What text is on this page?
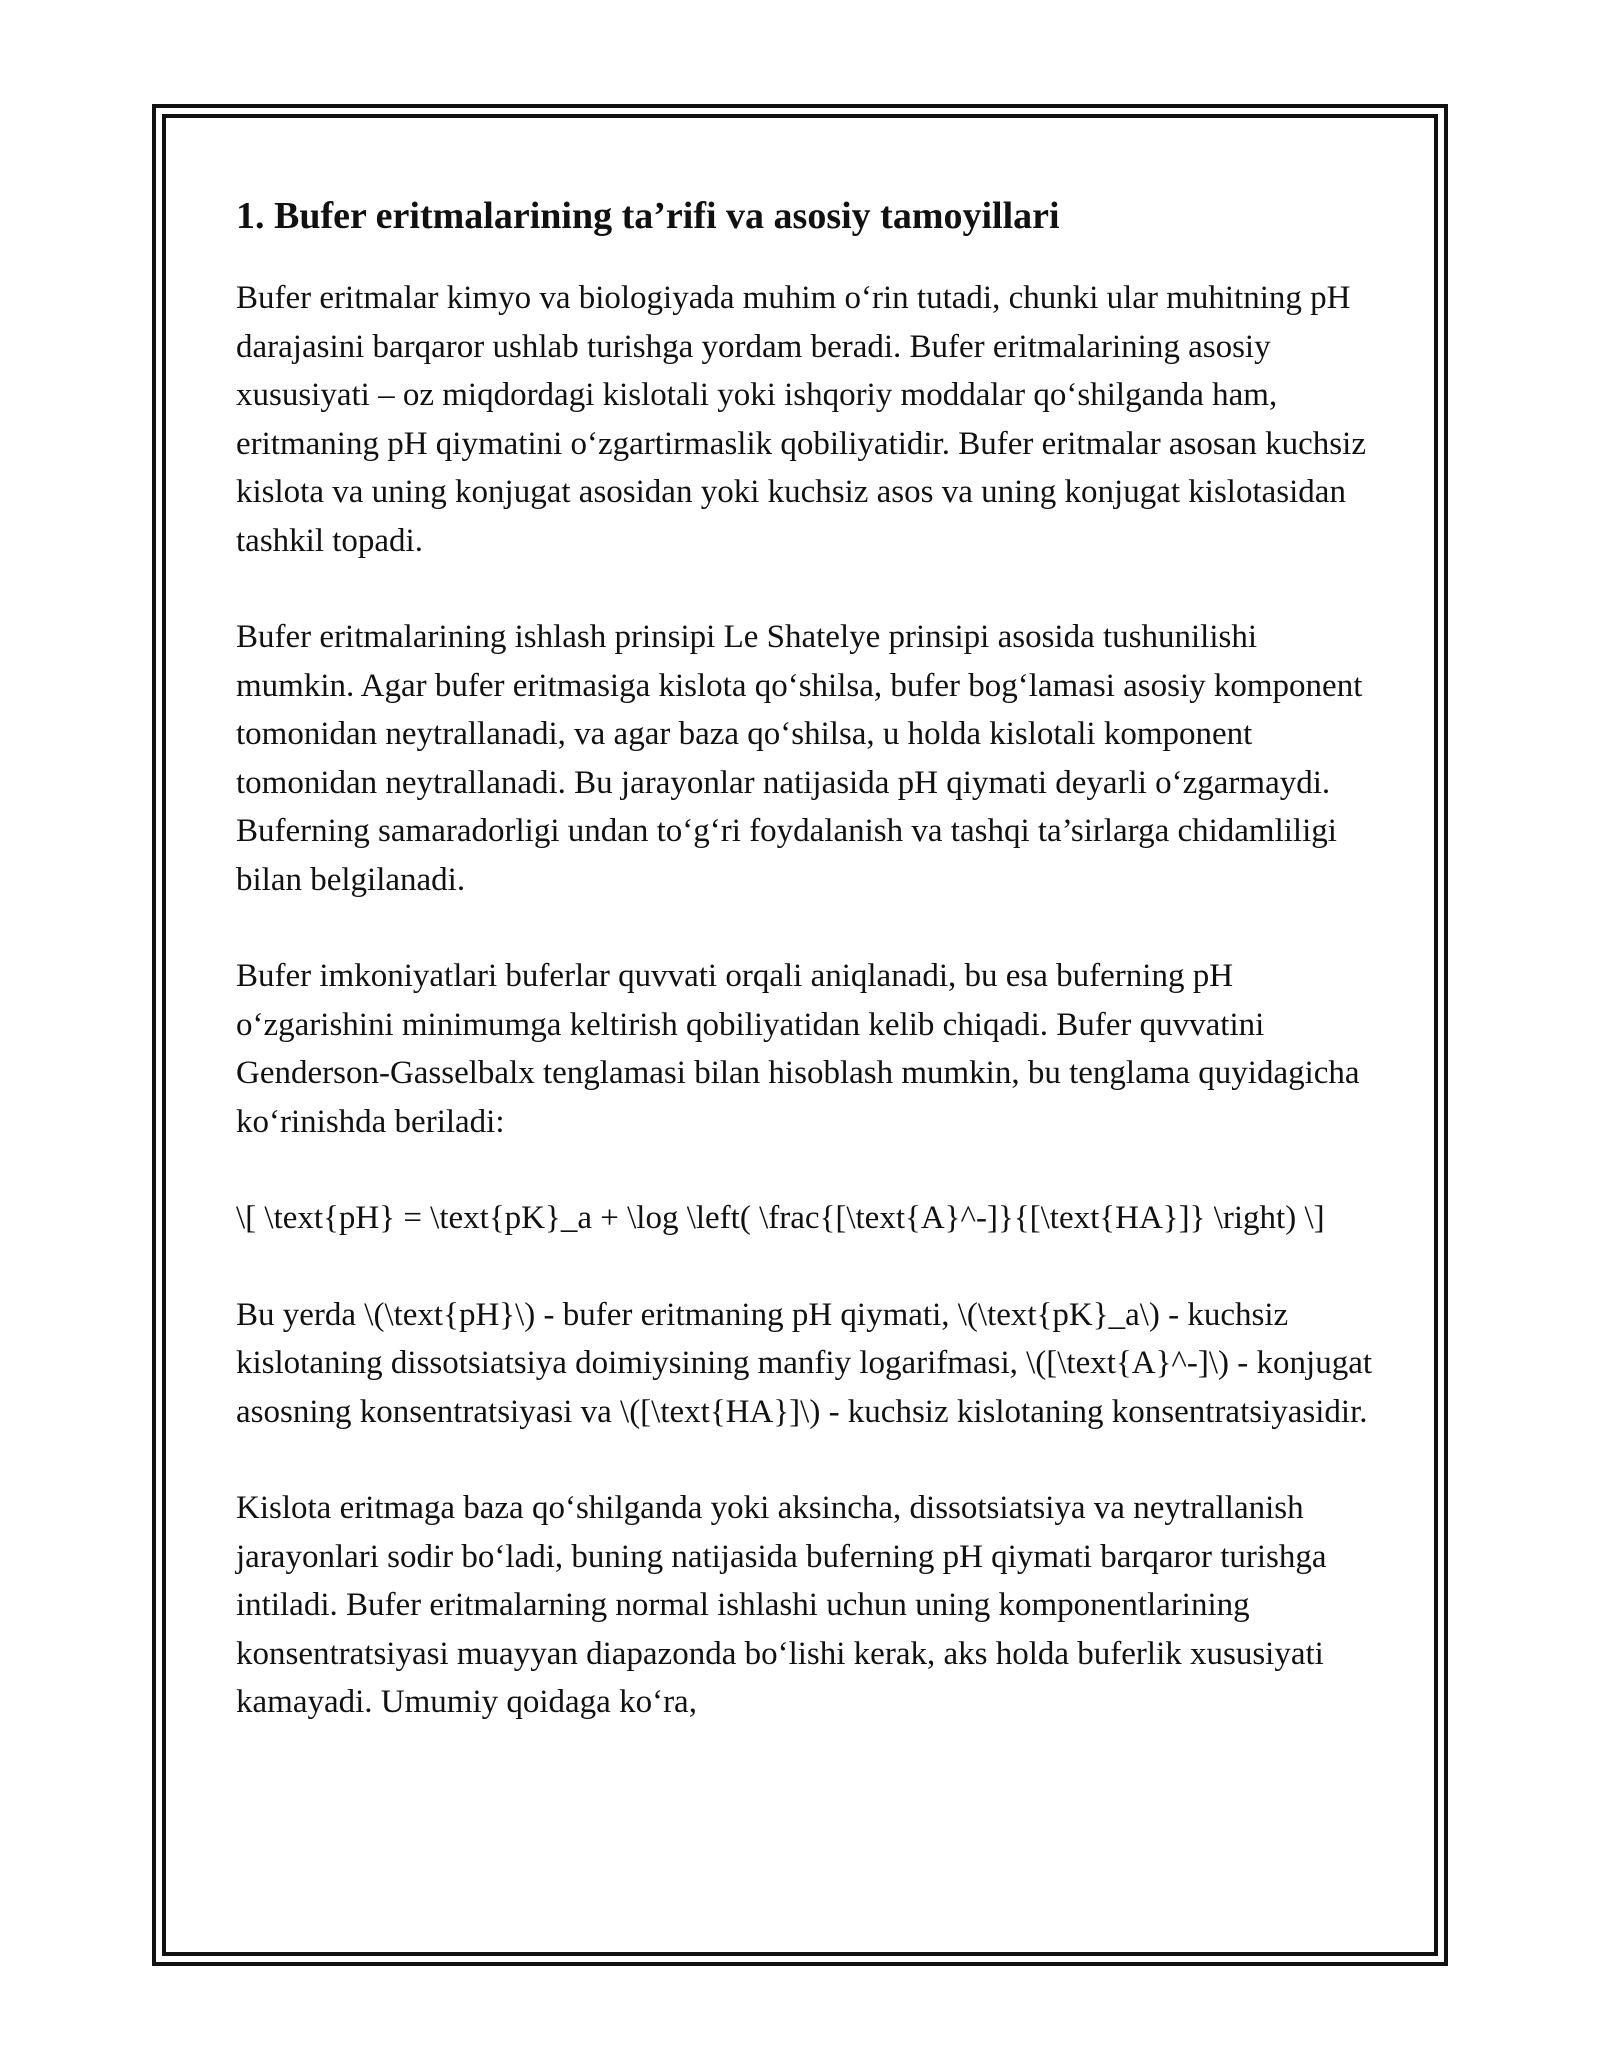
1. Bufer eritmalarining ta’rifi va asosiy tamoyillari

Bufer eritmalar kimyo va biologiyada muhim o‘rin tutadi, chunki ular muhitning pH darajasini barqaror ushlab turishga yordam beradi. Bufer eritmalarining asosiy xususiyati – oz miqdordagi kislotali yoki ishqoriy moddalar qo‘shilganda ham, eritmaning pH qiymatini o‘zgartirmaslik qobiliyatidir. Bufer eritmalar asosan kuchsiz kislota va uning konjugat asosidan yoki kuchsiz asos va uning konjugat kislotasidan tashkil topadi.

Bufer eritmalarining ishlash prinsipi Le Shatelye prinsipi asosida tushunilishi mumkin. Agar bufer eritmasiga kislota qo‘shilsa, bufer bog‘lamasi asosiy komponent tomonidan neytrallanadi, va agar baza qo‘shilsa, u holda kislotali komponent tomonidan neytrallanadi. Bu jarayonlar natijasida pH qiymati deyarli o‘zgarmaydi. Buferning samaradorligi undan to‘g‘ri foydalanish va tashqi ta’sirlarga chidamliligi bilan belgilanadi.

Bufer imkoniyatlari buferlar quvvati orqali aniqlanadi, bu esa buferning pH o‘zgarishini minimumga keltirish qobiliyatidan kelib chiqadi. Bufer quvvatini Genderson-Gasselbalx tenglamasi bilan hisoblash mumkin, bu tenglama quyidagicha ko‘rinishda beriladi:

\[ \text{pH} = \text{pK}_a + \log \left( \frac{[\text{A}^-]}{[\text{HA}]} \right) \]

Bu yerda \(\text{pH}\) - bufer eritmaning pH qiymati, \(\text{pK}_a\) - kuchsiz kislotaning dissotsiatsiya doimiysining manfiy logarifmasi, \([\text{A}^-]\) - konjugat asosning konsentratsiyasi va \([\text{HA}]\) - kuchsiz kislotaning konsentratsiyasidir.

Kislota eritmaga baza qo‘shilganda yoki aksincha, dissotsiatsiya va neytrallanish jarayonlari sodir bo‘ladi, buning natijasida buferning pH qiymati barqaror turishga intiladi. Bufer eritmalarning normal ishlashi uchun uning komponentlarining konsentratsiyasi muayyan diapazonda bo‘lishi kerak, aks holda buferlik xususiyati kamayadi. Umumiy qoidaga ko‘ra,
